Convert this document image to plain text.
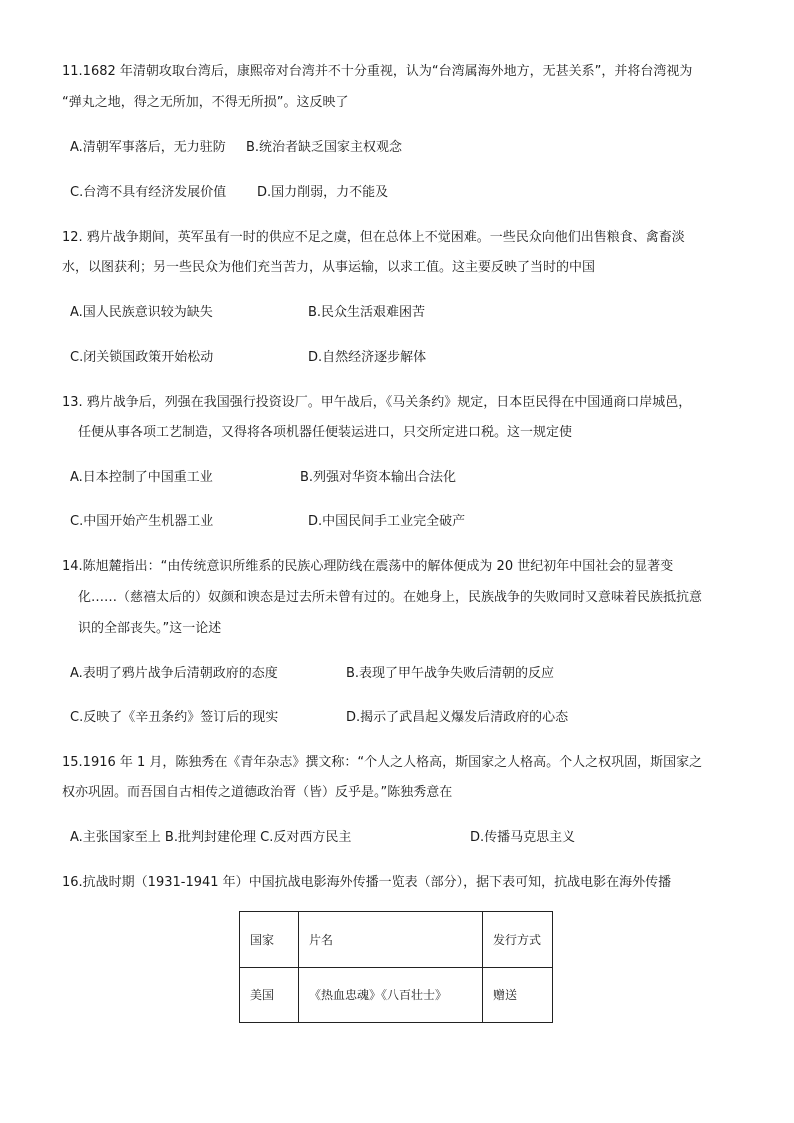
11.1682 年清朝攻取台湾后，康熙帝对台湾并不十分重视，认为“台湾属海外地方，无甚关系”，并将台湾视为
“弹丸之地，得之无所加，不得无所损”。这反映了
A.清朝军事落后，无力驻防 B.统治者缺乏国家主权观念
C.台湾不具有经济发展价值 D.国力削弱，力不能及
12. 鸦片战争期间，英军虽有一时的供应不足之虞，但在总体上不觉困难。一些民众向他们出售粮食、禽畜淡
水，以图获利；另一些民众为他们充当苦力，从事运输，以求工值。这主要反映了当时的中国
A.国人民族意识较为缺失	B.民众生活艰难困苦
C.闭关锁国政策开始松动	D.自然经济逐步解体
13. 鸦片战争后，列强在我国强行投资设厂。甲午战后，《马关条约》规定，日本臣民得在中国通商口岸城邑，
任便从事各项工艺制造，又得将各项机器任便装运进口，只交所定进口税。这一规定使
A.日本控制了中国重工业	B.列强对华资本输出合法化
C.中国开始产生机器工业	D.中国民间手工业完全破产
14.陈旭麓指出：“由传统意识所维系的民族心理防线在震荡中的解体便成为 20 世纪初年中国社会的显著变
化……（慈禧太后的）奴颜和谀态是过去所未曾有过的。在她身上，民族战争的失败同时又意味着民族抵抗意
识的全部丧失。”这一论述
A.表明了鸦片战争后清朝政府的态度	B.表现了甲午战争失败后清朝的反应
C.反映了《辛丑条约》签订后的现实	D.揭示了武昌起义爆发后清政府的心态
15.1916 年 1 月，陈独秀在《青年杂志》撰文称：“个人之人格高，斯国家之人格高。个人之权巩固，斯国家之
权亦巩固。而吾国自古相传之道德政治胥（皆）反乎是。”陈独秀意在
A.主张国家至上 B.批判封建伦理 C.反对西方民主	D.传播马克思主义
16.抗战时期（1931-1941 年）中国抗战电影海外传播一览表（部分），据下表可知，抗战电影在海外传播
国家	片名	发行方式
美国	《热血忠魂》《八百壮士》	赠送
